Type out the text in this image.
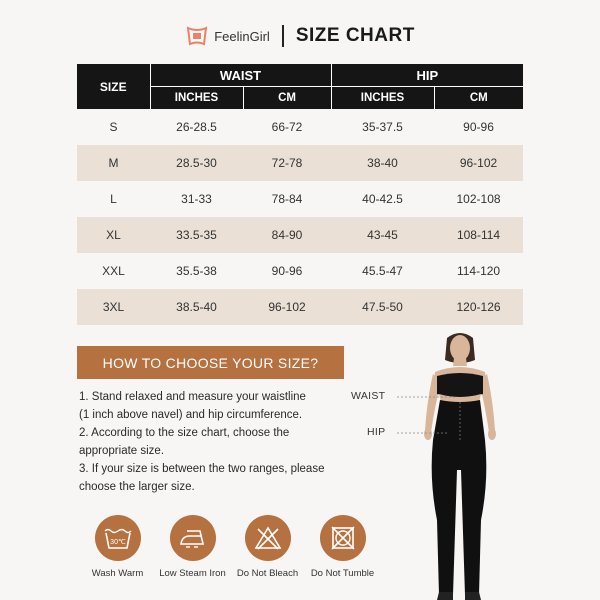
FeelinGirl SIZE CHART
SIZE	WAIST		HIP	
	INCHES	CM	INCHES	CM
S	26-28.5	66-72	35-37.5	90-96
M	28.5-30	72-78	38-40	96-102
L	31-33	78-84	40-42.5	102-108
XL	33.5-35	84-90	43-45	108-114
XXL	35.5-38	90-96	45.5-47	114-120
3XL	38.5-40	96-102	47.5-50	120-126
HOW TO CHOOSE YOUR SIZE?

1. Stand relaxed and measure your waistline

(1 inch above navel) and hip circumference.

2. According to the size chart, choose the

appropriate size.

3. If your size is between the two ranges, please

choose the larger size.

30℃
Wash Warm Low Steam Iron Do Not Bleach Do Not Tumble
WAIST
HIP
